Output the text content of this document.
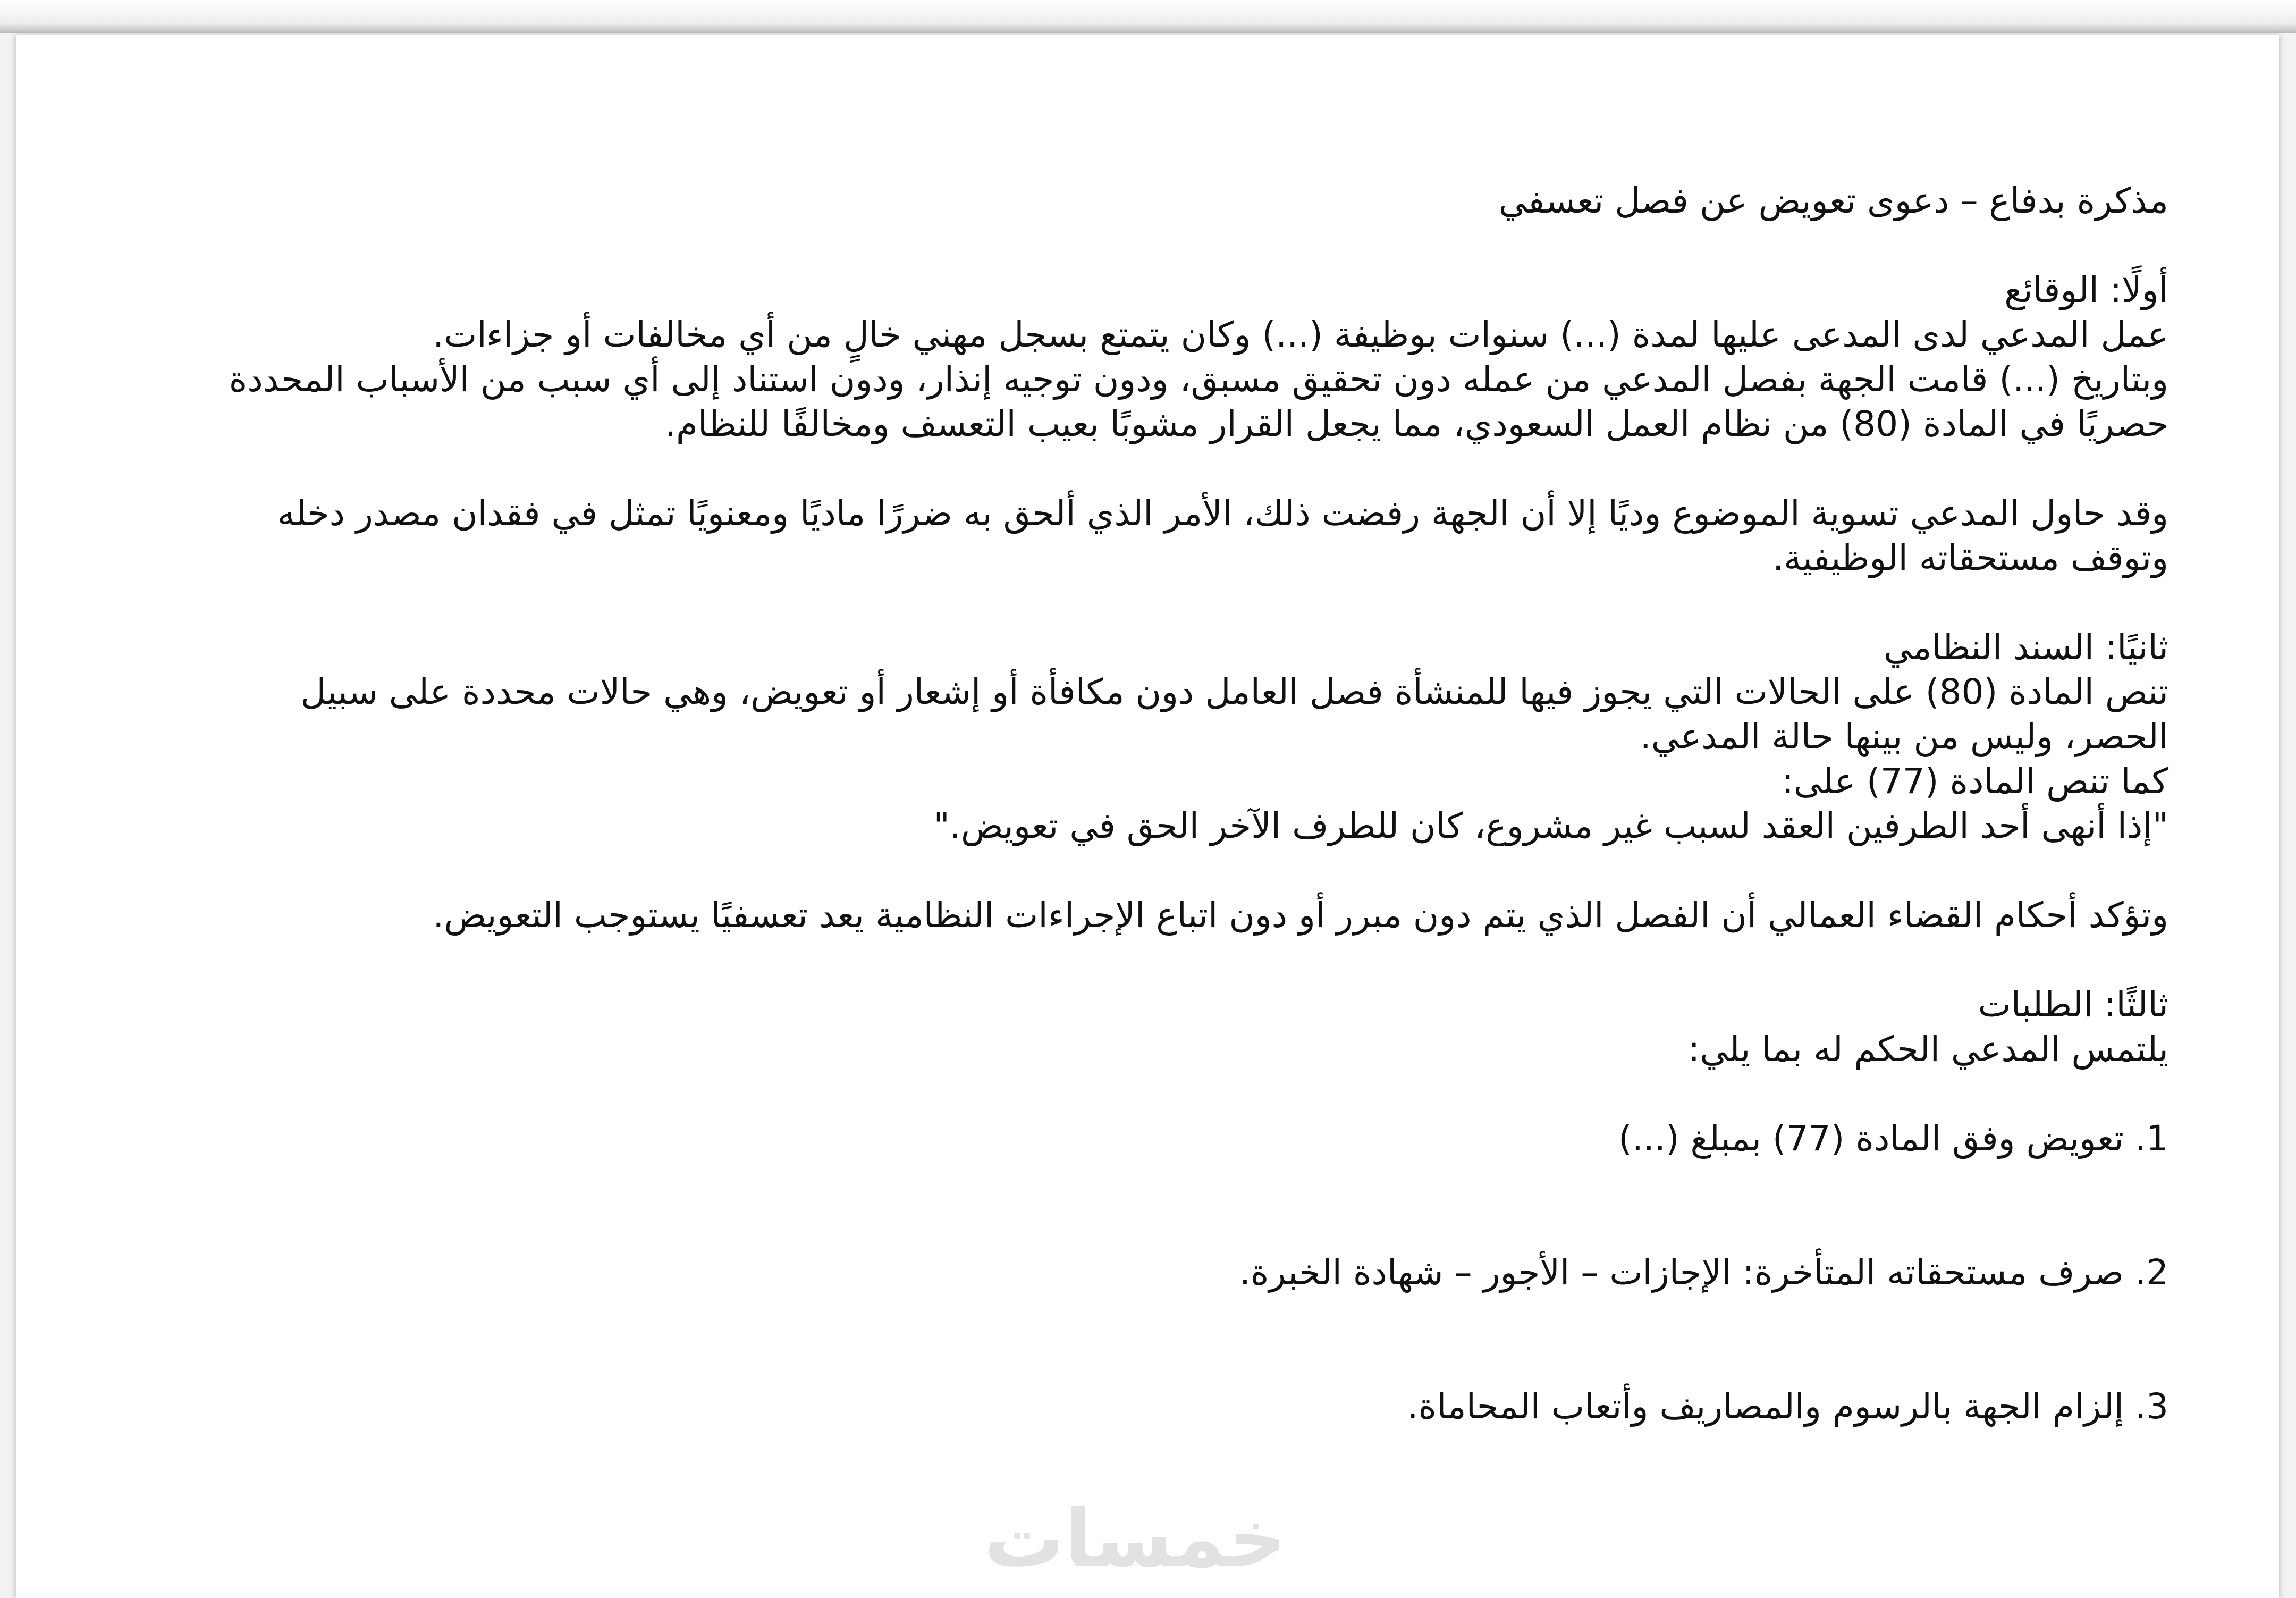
مذكرة بدفاع – دعوى تعويض عن فصل تعسفي

أولًا: الوقائع

عمل المدعي لدى المدعى عليها لمدة (...) سنوات بوظيفة (...) وكان يتمتع بسجل مهني خالٍ من أي مخالفات أو جزاءات.

وبتاريخ (...) قامت الجهة بفصل المدعي من عمله دون تحقيق مسبق، ودون توجيه إنذار، ودون استناد إلى أي سبب من الأسباب المحددة حصريًا في المادة (80) من نظام العمل السعودي، مما يجعل القرار مشوبًا بعيب التعسف ومخالفًا للنظام.

وقد حاول المدعي تسوية الموضوع وديًا إلا أن الجهة رفضت ذلك، الأمر الذي ألحق به ضررًا ماديًا ومعنويًا تمثل في فقدان مصدر دخله وتوقف مستحقاته الوظيفية.

ثانيًا: السند النظامي

تنص المادة (80) على الحالات التي يجوز فيها للمنشأة فصل العامل دون مكافأة أو إشعار أو تعويض، وهي حالات محددة على سبيل الحصر، وليس من بينها حالة المدعي.

كما تنص المادة (77) على:

"إذا أنهى أحد الطرفين العقد لسبب غير مشروع، كان للطرف الآخر الحق في تعويض."

وتؤكد أحكام القضاء العمالي أن الفصل الذي يتم دون مبرر أو دون اتباع الإجراءات النظامية يعد تعسفيًا يستوجب التعويض.

ثالثًا: الطلبات

يلتمس المدعي الحكم له بما يلي:

1. تعويض وفق المادة (77) بمبلغ (...)

2. صرف مستحقاته المتأخرة: الإجازات – الأجور – شهادة الخبرة.

3. إلزام الجهة بالرسوم والمصاريف وأتعاب المحاماة.

خمسات
